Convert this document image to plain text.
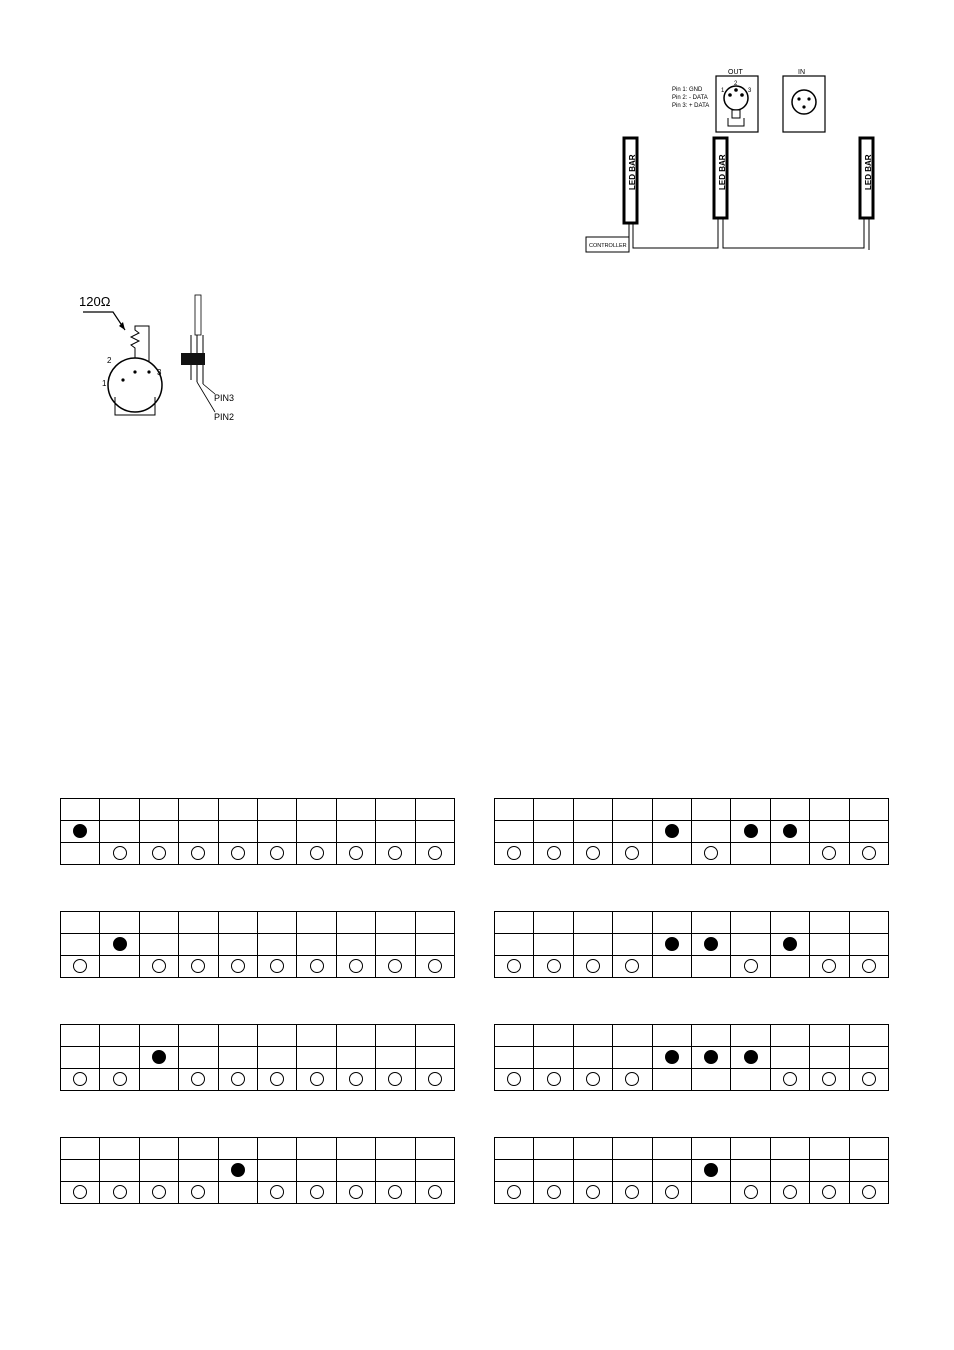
OUT
1
2
3
Pin 1: GND
Pin 2: - DATA
Pin 3: + DATA
IN
LED BAR	LED BAR	LED BAR
CONTROLLER
120Ω
1
2
3
PIN3
PIN2
